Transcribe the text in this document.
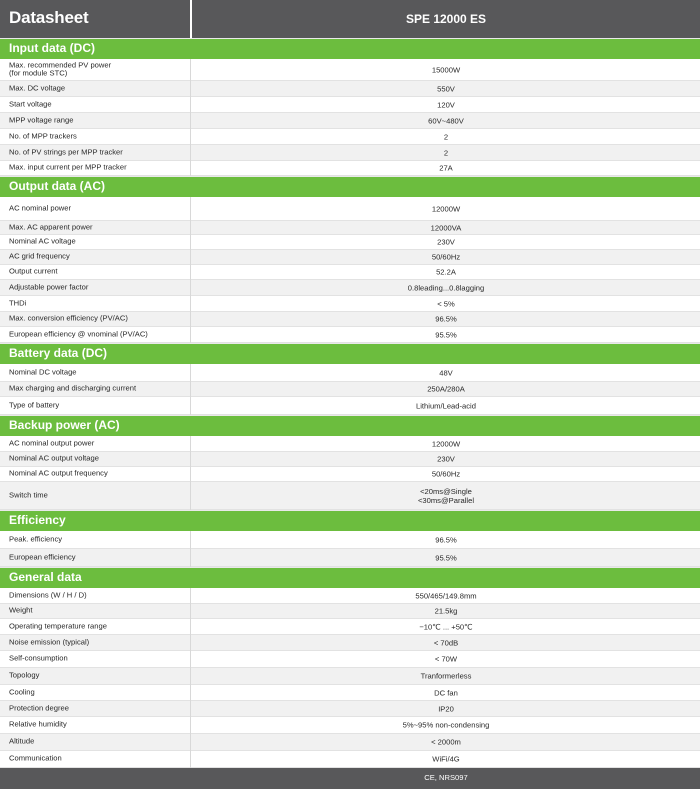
Datasheet	SPE 12000 ES
Input data (DC)
Max. recommended PV power
(for module STC)	15000W
Max. DC voltage	550V
Start voltage	120V
MPP voltage range	60V~480V
No. of MPP trackers	2
No. of PV strings per MPP tracker	2
Max. input current per MPP tracker	27A
Output data (AC)
AC nominal power	12000W
Max. AC apparent power	12000VA
Nominal AC voltage	230V
AC grid frequency	50/60Hz
Output current	52.2A
Adjustable power factor	0.8leading...0.8lagging
THDi	< 5%
Max. conversion efficiency (PV/AC)	96.5%
European efficiency @ vnominal (PV/AC)	95.5%
Battery data (DC)
Nominal DC voltage	48V
Max charging and discharging current	250A/280A
Type of battery	Lithium/Lead-acid
Backup power (AC)
AC nominal output power	12000W
Nominal AC output voltage	230V
Nominal AC output frequency	50/60Hz
Switch time	<20ms@Single
<30ms@Parallel
Efficiency
Peak. efficiency	96.5%
European efficiency	95.5%
General data
Dimensions (W / H / D)	550/465/149.8mm
Weight	21.5kg
Operating temperature range	−10℃ ... +50℃
Noise emission (typical)	< 70dB
Self-consumption	< 70W
Topology	Tranformerless
Cooling	DC fan
Protection degree	IP20
Relative humidity	5%~95% non-condensing
Altitude	< 2000m
Communication	WiFi/4G
CE, NRS097
